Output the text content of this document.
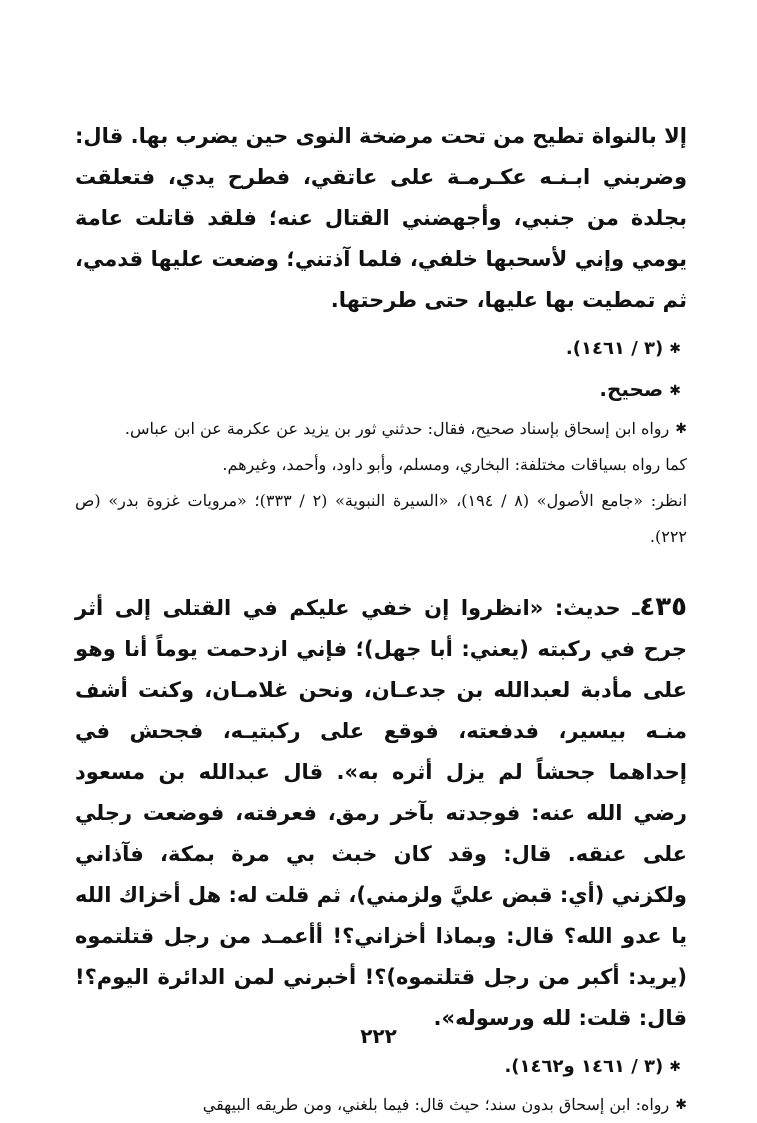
إلا بالنواة تطيح من تحت مرضخة النوى حين يضرب بها. قال: وضربني ابـنـه عكـرمـة على عاتقي، فطرح يدي، فتعلقت بجلدة من جنبي، وأجهضني القتال عنه؛ فلقد قاتلت عامة يومي وإني لأسحبها خلفي، فلما آذتني؛ وضعت عليها قدمي، ثم تمطيت بها عليها، حتى طرحتها.

✱(٣ / ١٤٦١).

✱صحيح.

✱رواه ابن إسحاق بإسناد صحيح، فقال: حدثني ثور بن يزيد عن عكرمة عن ابن عباس.

كما رواه بسياقات مختلفة: البخاري، ومسلم، وأبو داود، وأحمد، وغيرهم.

انظر: «جامع الأصول» (٨ / ١٩٤)، «السيرة النبوية» (٢ / ٣٣٣)؛ «مرويات غزوة بدر» (ص ٢٢٢).

٤٣٥ـ حديث: «انظروا إن خفي عليكم في القتلى إلى أثر جرح في ركبته (يعني: أبا جهل)؛ فإني ازدحمت يوماً أنا وهو على مأدبة لعبدالله بن جدعـان، ونحن غلامـان، وكنت أشف منـه بيسير، فدفعته، فوقع على ركبتيـه، فجحش في إحداهما جحشاً لم يزل أثره به». قال عبدالله بن مسعود رضي الله عنه: فوجدته بآخر رمق، فعرفته، فوضعت رجلي على عنقه. قال: وقد كان خبث بي مرة بمكة، فآذاني ولكزني (أي: قبض عليَّ ولزمني)، ثم قلت له: هل أخزاك الله يا عدو الله؟ قال: وبماذا أخزاني؟! أأعمـد من رجل قتلتموه (يريد: أكبر من رجل قتلتموه)؟! أخبرني لمن الدائرة اليوم؟! قال: قلت: لله ورسوله».

✱(٣ / ١٤٦١ و١٤٦٢).

✱رواه: ابن إسحاق بدون سند؛ حيث قال: فيما بلغني، ومن طريقه البيهقي

٢٢٢
